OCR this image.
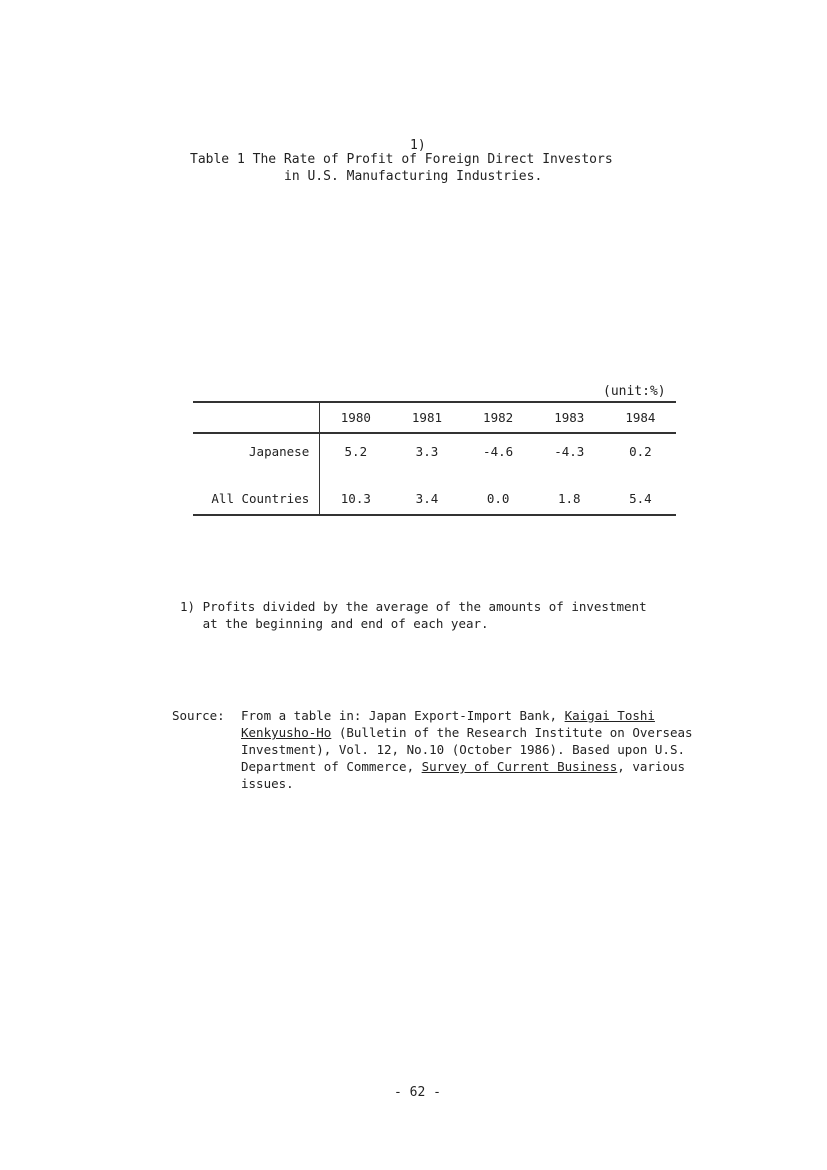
1)
Table 1 The Rate of Profit of Foreign Direct Investors
in U.S. Manufacturing Industries.
(unit:%)
	1980	1981	1982	1983	1984
Japanese	5.2	3.3	-4.6	-4.3	0.2
All Countries	10.3	3.4	0.0	1.8	5.4
1) Profits divided by the average of the amounts of investment
at the beginning and end of each year.
Source: From a table in: Japan Export-Import Bank, Kaigai Toshi
Kenkyusho-Ho (Bulletin of the Research Institute on Overseas
Investment), Vol. 12, No.10 (October 1986). Based upon U.S.
Department of Commerce, Survey of Current Business, various
issues.
- 62 -
